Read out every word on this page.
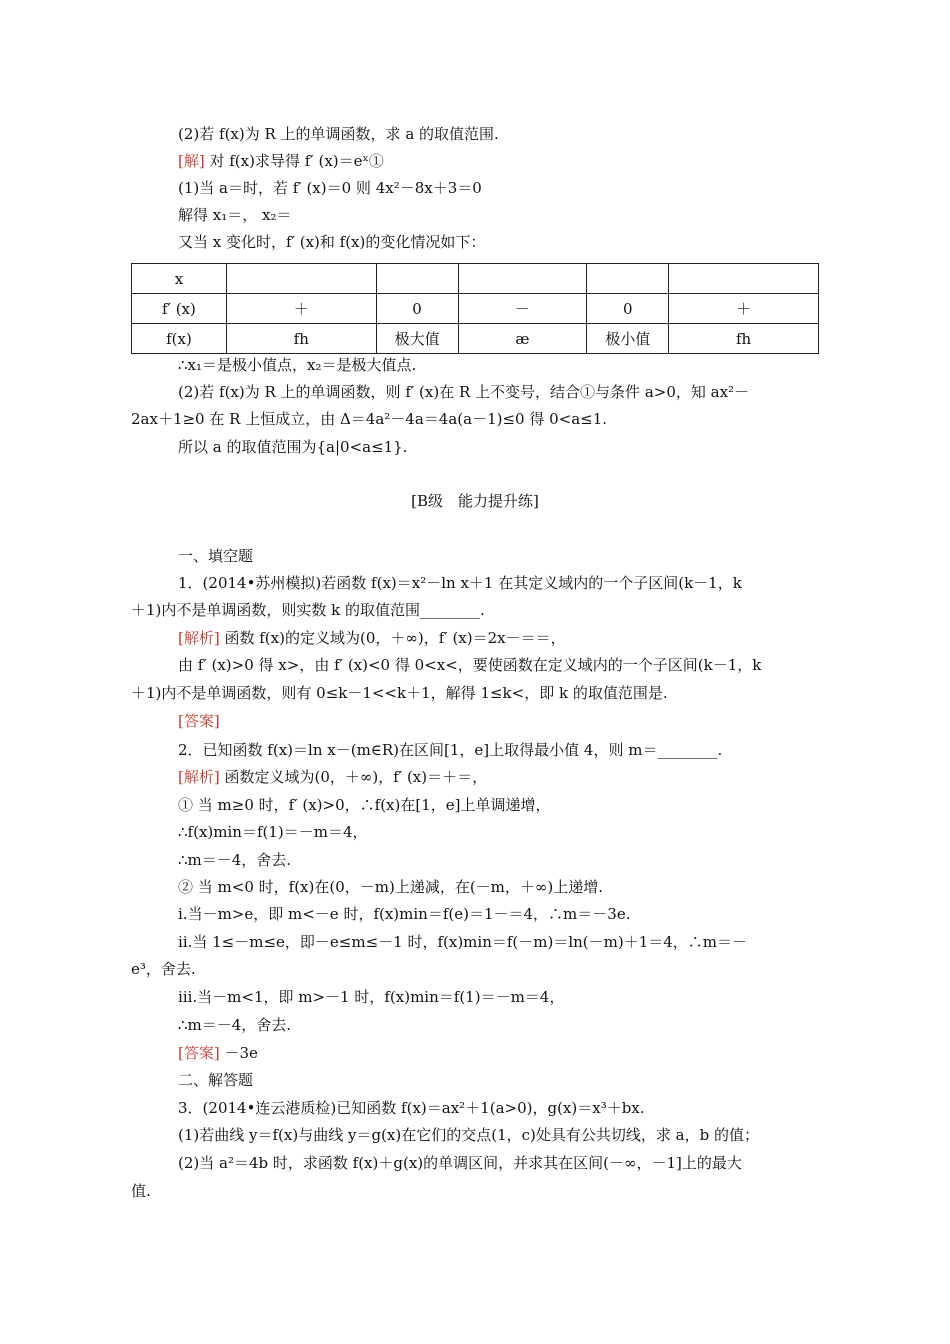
(2)若 f(x)为 R 上的单调函数，求 a 的取值范围.
[解] 对 f(x)求导得 f′ (x)＝eˣ①
(1)当 a＝时，若 f′ (x)＝0 则 4x²－8x＋3＝0
解得 x₁＝， x₂＝
又当 x 变化时，f′ (x)和 f(x)的变化情况如下：
x					
f′ (x)	＋	0	－	0	＋
f(x)	fh	极大值	æ	极小值	fh
∴x₁＝是极小值点，x₂＝是极大值点.
(2)若 f(x)为 R 上的单调函数，则 f′ (x)在 R 上不变号，结合①与条件 a>0，知 ax²－
2ax＋1≥0 在 R 上恒成立，由 Δ＝4a²－4a＝4a(a－1)≤0 得 0<a≤1.
所以 a 的取值范围为{a|0<a≤1}.
[B级　能力提升练]
一、填空题
1．(2014•苏州模拟)若函数 f(x)＝x²－ln x＋1 在其定义域内的一个子区间(k－1，k
＋1)内不是单调函数，则实数 k 的取值范围________.
[解析] 函数 f(x)的定义域为(0，＋∞)，f′ (x)＝2x－＝＝，
由 f′ (x)>0 得 x>，由 f′ (x)<0 得 0<x<，要使函数在定义域内的一个子区间(k－1，k
＋1)内不是单调函数，则有 0≤k－1<<k＋1，解得 1≤k<，即 k 的取值范围是.
[答案]
2．已知函数 f(x)＝ln x－(m∈R)在区间[1，e]上取得最小值 4，则 m＝________.
[解析] 函数定义域为(0，＋∞)，f′ (x)＝＋＝，
① 当 m≥0 时，f′ (x)>0，∴f(x)在[1，e]上单调递增，
∴f(x)min＝f(1)＝－m＝4，
∴m＝－4，舍去.
② 当 m<0 时，f(x)在(0，－m)上递减，在(－m，＋∞)上递增.
ⅰ.当－m>e，即 m<－e 时，f(x)min＝f(e)＝1－＝4，∴m＝－3e.
ⅱ.当 1≤－m≤e，即－e≤m≤－1 时，f(x)min＝f(－m)＝ln(－m)＋1＝4，∴m＝－
e³，舍去.
ⅲ.当－m<1，即 m>－1 时，f(x)min＝f(1)＝－m＝4，
∴m＝－4，舍去.
[答案] －3e
二、解答题
3．(2014•连云港质检)已知函数 f(x)＝ax²＋1(a>0)，g(x)＝x³＋bx.
(1)若曲线 y＝f(x)与曲线 y＝g(x)在它们的交点(1，c)处具有公共切线，求 a，b 的值；
(2)当 a²＝4b 时，求函数 f(x)＋g(x)的单调区间，并求其在区间(－∞，－1]上的最大
值.
